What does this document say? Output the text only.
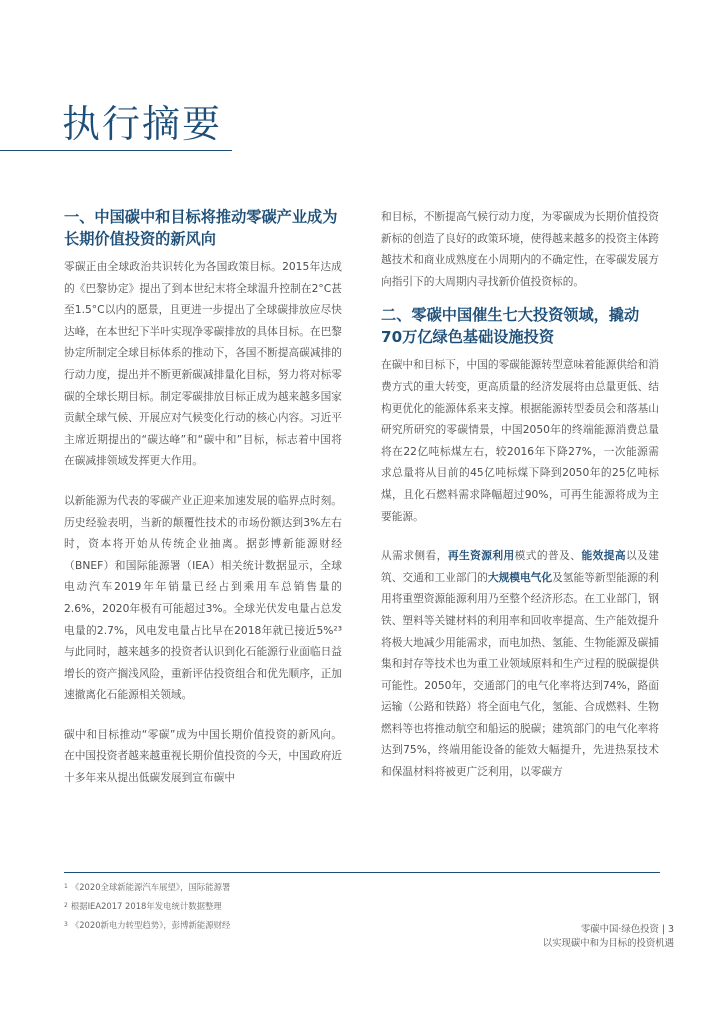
执行摘要
一、中国碳中和目标将推动零碳产业成为长期价值投资的新风向

零碳正由全球政治共识转化为各国政策目标。2015年达成的《巴黎协定》提出了到本世纪末将全球温升控制在2°C甚至1.5°C以内的愿景，且更进一步提出了全球碳排放应尽快达峰，在本世纪下半叶实现净零碳排放的具体目标。在巴黎协定所制定全球目标体系的推动下，各国不断提高碳减排的行动力度，提出并不断更新碳减排量化目标，努力将对标零碳的全球长期目标。制定零碳排放目标正成为越来越多国家贡献全球气候、开展应对气候变化行动的核心内容。习近平主席近期提出的“碳达峰”和“碳中和”目标，标志着中国将在碳减排领域发挥更大作用。

以新能源为代表的零碳产业正迎来加速发展的临界点时刻。历史经验表明，当新的颠覆性技术的市场份额达到3%左右时，资本将开始从传统企业抽离。据彭博新能源财经（BNEF）和国际能源署（IEA）相关统计数据显示，全球电动汽车2019年年销量已经占到乘用车总销售量的2.6%，2020年极有可能超过3%。全球光伏发电量占总发电量的2.7%，风电发电量占比早在2018年就已接近5%²³与此同时，越来越多的投资者认识到化石能源行业面临日益增长的资产搁浅风险，重新评估投资组合和优先顺序，正加速撤离化石能源相关领域。

碳中和目标推动“零碳”成为中国长期价值投资的新风向。在中国投资者越来越重视长期价值投资的今天，中国政府近十多年来从提出低碳发展到宣布碳中

和目标，不断提高气候行动力度，为零碳成为长期价值投资新标的创造了良好的政策环境，使得越来越多的投资主体跨越技术和商业成熟度在小周期内的不确定性，在零碳发展方向指引下的大周期内寻找新价值投资标的。

二、零碳中国催生七大投资领域，撬动70万亿绿色基础设施投资

在碳中和目标下，中国的零碳能源转型意味着能源供给和消费方式的重大转变，更高质量的经济发展将由总量更低、结构更优化的能源体系来支撑。根据能源转型委员会和落基山研究所研究的零碳情景，中国2050年的终端能源消费总量将在22亿吨标煤左右，较2016年下降27%，一次能源需求总量将从目前的45亿吨标煤下降到2050年的25亿吨标煤，且化石燃料需求降幅超过90%，可再生能源将成为主要能源。

从需求侧看，再生资源利用模式的普及、能效提高以及建筑、交通和工业部门的大规模电气化及氢能等新型能源的利用将重塑资源能源利用乃至整个经济形态。在工业部门，钢铁、塑料等关键材料的利用率和回收率提高、生产能效提升将极大地减少用能需求，而电加热、氢能、生物能源及碳捕集和封存等技术也为重工业领域原料和生产过程的脱碳提供可能性。2050年，交通部门的电气化率将达到74%，路面运输（公路和铁路）将全面电气化，氢能、合成燃料、生物燃料等也将推动航空和船运的脱碳；建筑部门的电气化率将达到75%，终端用能设备的能效大幅提升，先进热泵技术和保温材料将被更广泛利用，以零碳方

$^1$ 《2020全球新能源汽车展望》，国际能源署

$^2$ 根据IEA2017 2018年发电统计数据整理

$^3$ 《2020新电力转型趋势》，彭博新能源财经	零碳中国·绿色投资 | 3
以实现碳中和为目标的投资机遇
